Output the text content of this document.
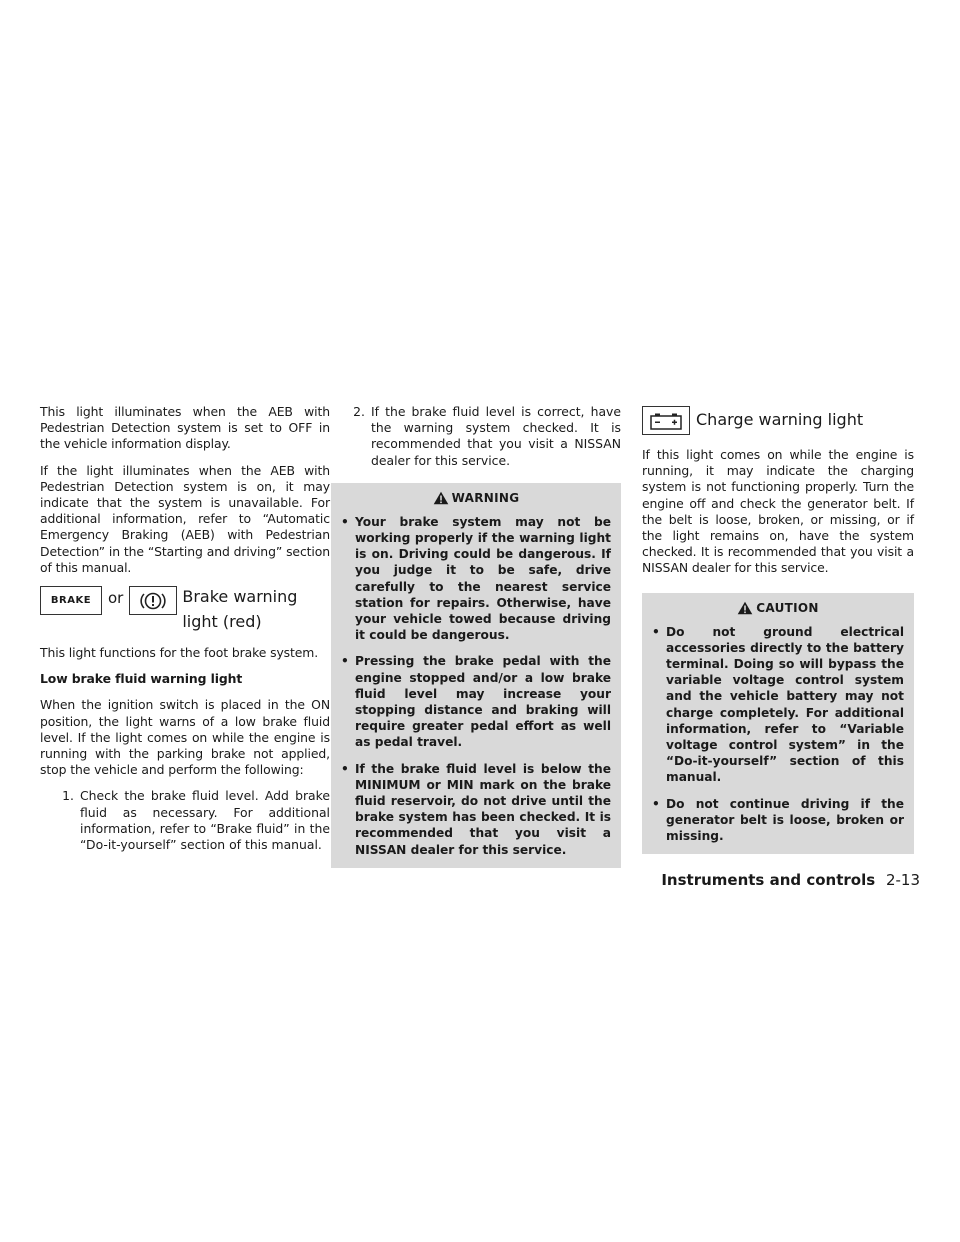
This light illuminates when the AEB with Pedestrian Detection system is set to OFF in the vehicle information display.

If the light illuminates when the AEB with Pedestrian Detection system is on, it may indicate that the system is unavailable. For additional information, refer to “Automatic Emergency Braking (AEB) with Pedestrian Detection” in the “Starting and driving” section of this manual.

BRAKE	or	Brake warning
light (red)

This light functions for the foot brake system.

Low brake fluid warning light

When the ignition switch is placed in the ON position, the light warns of a low brake fluid level. If the light comes on while the engine is running with the parking brake not applied, stop the vehicle and perform the following:

1. Check the brake fluid level. Add brake fluid as necessary. For additional information, refer to “Brake fluid” in the “Do-it-yourself” section of this manual.
2. If the brake fluid level is correct, have the warning system checked. It is recommended that you visit a NISSAN dealer for this service.
WARNING
• Your brake system may not be working properly if the warning light is on. Driving could be dangerous. If you judge it to be safe, drive carefully to the nearest service station for repairs. Otherwise, have your vehicle towed because driving it could be dangerous.
• Pressing the brake pedal with the engine stopped and/or a low brake fluid level may increase your stopping distance and braking will require greater pedal effort as well as pedal travel.
• If the brake fluid level is below the MINIMUM or MIN mark on the brake fluid reservoir, do not drive until the brake system has been checked. It is recommended that you visit a NISSAN dealer for this service.
Charge warning light

If this light comes on while the engine is running, it may indicate the charging system is not functioning properly. Turn the engine off and check the generator belt. If the belt is loose, broken, or missing, or if the light remains on, have the system checked. It is recommended that you visit a NISSAN dealer for this service.

CAUTION
• Do not ground electrical accessories directly to the battery terminal. Doing so will bypass the variable voltage control system and the vehicle battery may not charge completely. For additional information, refer to “Variable voltage control system” in the “Do-it-yourself” section of this manual.
• Do not continue driving if the generator belt is loose, broken or missing.
Instruments and controls 2-13
